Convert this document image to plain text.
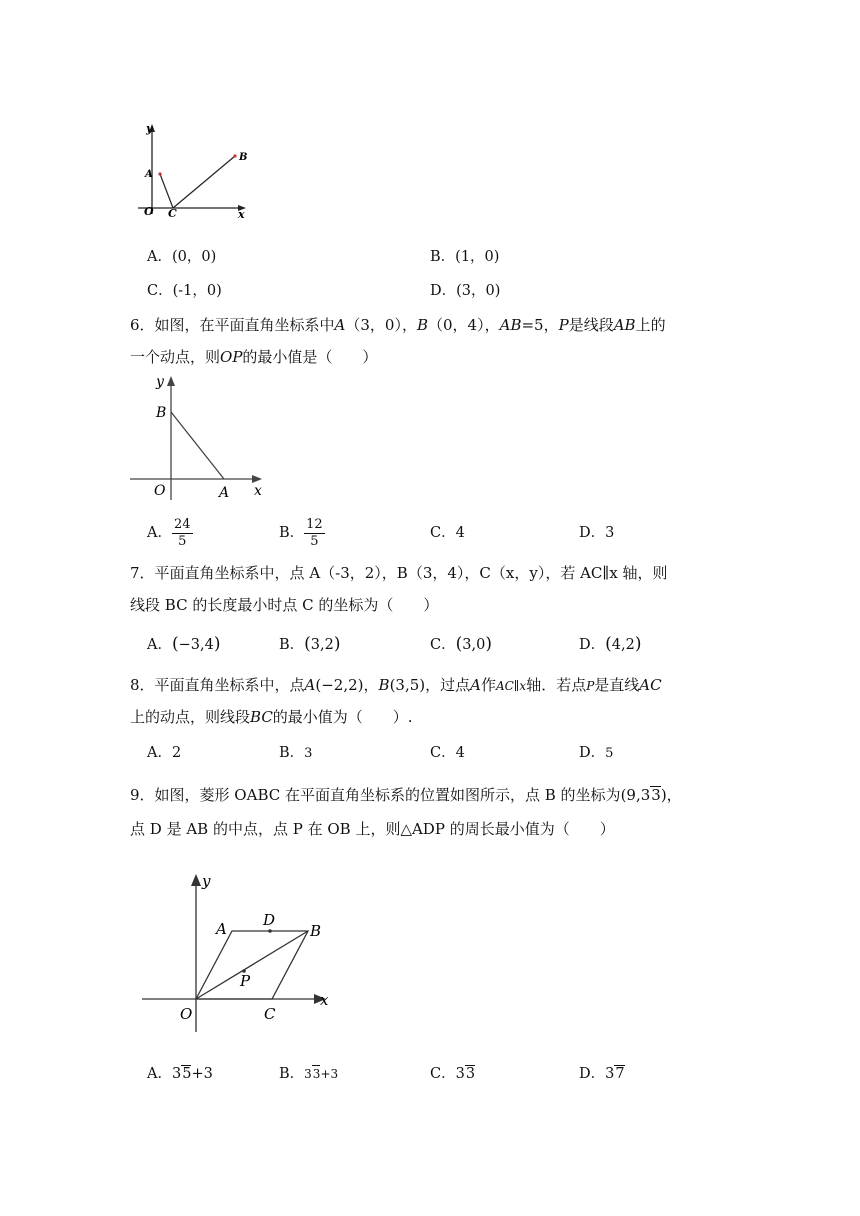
y
x
A
B
O C
A．(0，0)	B．(1，0)
C．(-1，0)	D．(3，0)
6．如图，在平面直角坐标系中A（3，0），B（0，4），AB=5，P是线段AB上的
一个动点，则OP的最小值是（　　）
y
x
B
O	A
A． $\frac{24}{5}$	B． $\frac{12}{5}$	C．4	D．3
7．平面直角坐标系中，点 A（-3，2），B（3，4），C（x，y），若 AC∥x 轴，则
线段 BC 的长度最小时点 C 的坐标为（　　）
A．(−3,4)	B．(3,2)	C．(3,0)	D．(4,2)
8．平面直角坐标系中，点A(−2,2)，B(3,5)，过点A作AC∥x轴．若点P是直线AC
上的动点，则线段BC的最小值为（　　）.
A．2	B．3	C．4	D．5
9．如图，菱形 OABC 在平面直角坐标系的位置如图所示，点 B 的坐标为(9,33)，
点 D 是 AB 的中点，点 P 在 OB 上，则△ADP 的周长最小值为（　　）
y
x
A D
B
P
O	C
A．35+3	B．33+3	C．33	D．37
